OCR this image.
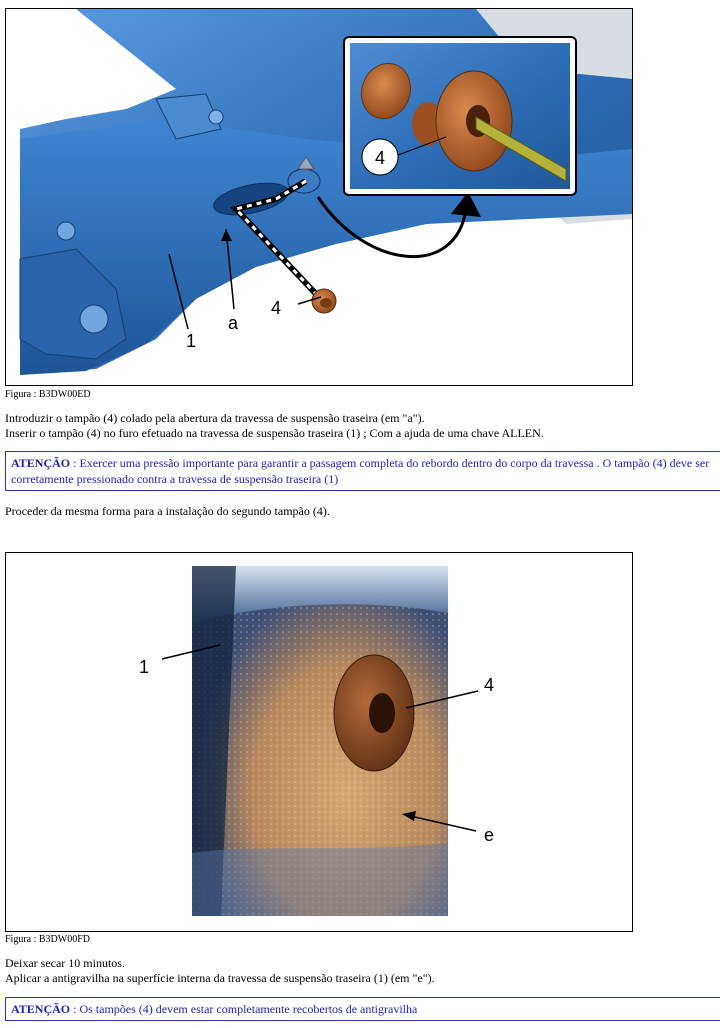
4
1
a
4
Figura : B3DW00ED
Introduzir o tampão (4) colado pela abertura da travessa de suspensão traseira (em "a").
Inserir o tampão (4) no furo efetuado na travessa de suspensão traseira (1) ; Com a ajuda de uma chave ALLEN.
ATENÇÃO : Exercer uma pressão importante para garantir a passagem completa do rebordo dentro do corpo da travessa . O tampão (4) deve ser corretamente pressionado contra a travessa de suspensão traseira (1)
Proceder da mesma forma para a instalação do segundo tampão (4).
1
4
e
Figura : B3DW00FD
Deixar secar 10 minutos.
Aplicar a antigravilha na superfície interna da travessa de suspensão traseira (1) (em "e").
ATENÇÃO : Os tampões (4) devem estar completamente recobertos de antigravilha
